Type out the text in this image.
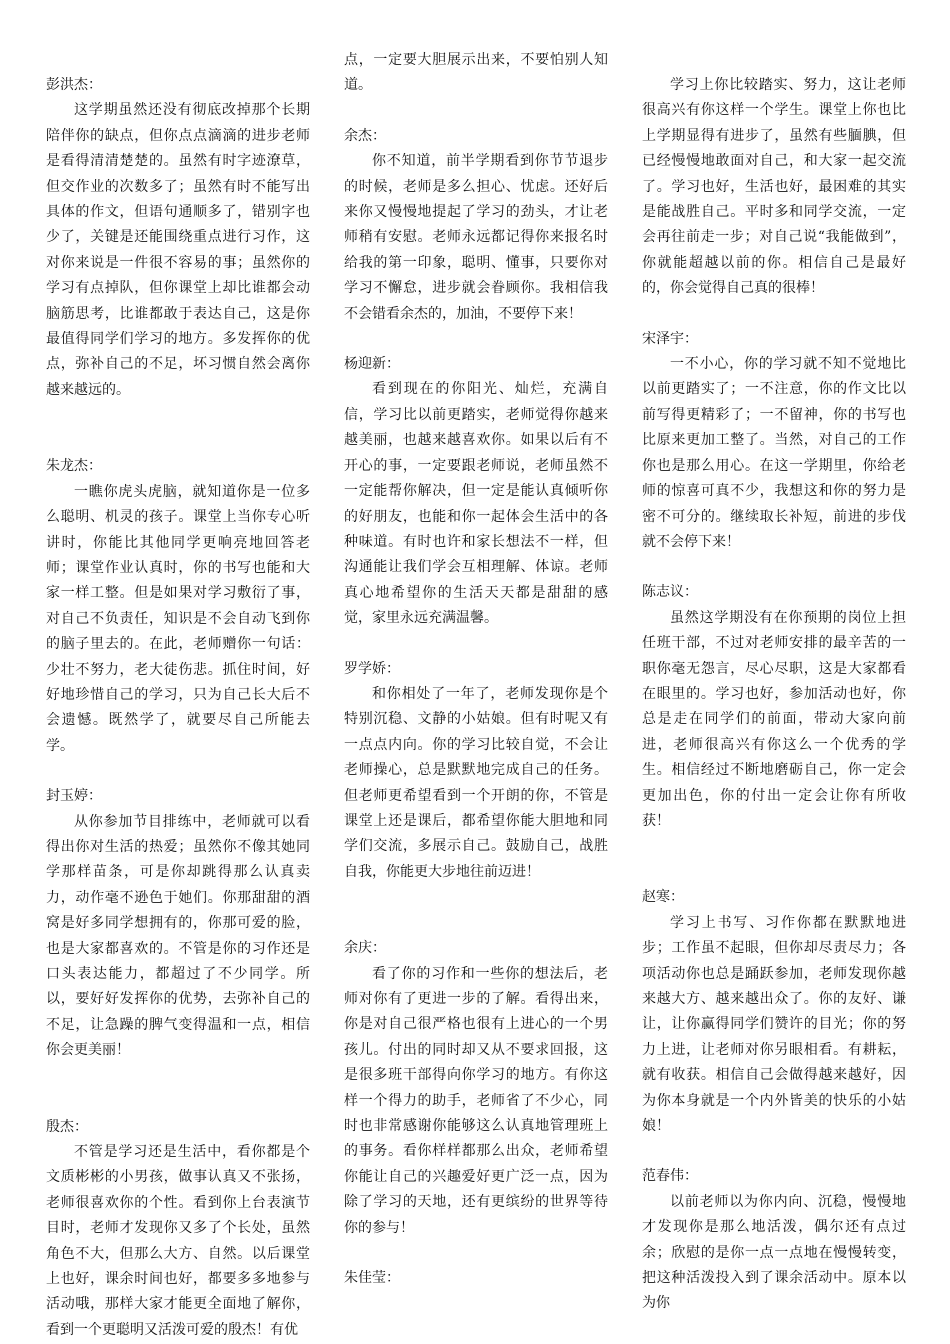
彭洪杰：

这学期虽然还没有彻底改掉那个长期陪伴你的缺点，但你点点滴滴的进步老师是看得清清楚楚的。虽然有时字迹潦草，但交作业的次数多了；虽然有时不能写出具体的作文，但语句通顺多了，错别字也少了，关键是还能围绕重点进行习作，这对你来说是一件很不容易的事；虽然你的学习有点掉队，但你课堂上却比谁都会动脑筋思考，比谁都敢于表达自己，这是你最值得同学们学习的地方。多发挥你的优点，弥补自己的不足，坏习惯自然会离你越来越远的。

朱龙杰：

一瞧你虎头虎脑，就知道你是一位多么聪明、机灵的孩子。课堂上当你专心听讲时，你能比其他同学更响亮地回答老师；课堂作业认真时，你的书写也能和大家一样工整。但是如果对学习敷衍了事，对自己不负责任，知识是不会自动飞到你的脑子里去的。在此，老师赠你一句话：少壮不努力，老大徒伤悲。抓住时间，好好地珍惜自己的学习，只为自己长大后不会遗憾。既然学了，就要尽自己所能去学。

封玉婷：

从你参加节目排练中，老师就可以看得出你对生活的热爱；虽然你不像其她同学那样苗条，可是你却跳得那么认真卖力，动作毫不逊色于她们。你那甜甜的酒窝是好多同学想拥有的，你那可爱的脸，也是大家都喜欢的。不管是你的习作还是口头表达能力，都超过了不少同学。所以，要好好发挥你的优势，去弥补自己的不足，让急躁的脾气变得温和一点，相信你会更美丽！

殷杰：

不管是学习还是生活中，看你都是个文质彬彬的小男孩，做事认真又不张扬，老师很喜欢你的个性。看到你上台表演节目时，老师才发现你又多了个长处，虽然角色不大，但那么大方、自然。以后课堂上也好，课余时间也好，都要多多地参与活动哦，那样大家才能更全面地了解你，看到一个更聪明又活泼可爱的殷杰！有优

点，一定要大胆展示出来，不要怕别人知道。

余杰：

你不知道，前半学期看到你节节退步的时候，老师是多么担心、忧虑。还好后来你又慢慢地提起了学习的劲头，才让老师稍有安慰。老师永远都记得你来报名时给我的第一印象，聪明、懂事，只要你对学习不懈怠，进步就会眷顾你。我相信我不会错看余杰的，加油，不要停下来！

杨迎新：

看到现在的你阳光、灿烂，充满自信，学习比以前更踏实，老师觉得你越来越美丽，也越来越喜欢你。如果以后有不开心的事，一定要跟老师说，老师虽然不一定能帮你解决，但一定是能认真倾听你的好朋友，也能和你一起体会生活中的各种味道。有时也许和家长想法不一样，但沟通能让我们学会互相理解、体谅。老师真心地希望你的生活天天都是甜甜的感觉，家里永远充满温馨。

罗学娇：

和你相处了一年了，老师发现你是个特别沉稳、文静的小姑娘。但有时呢又有一点点内向。你的学习比较自觉，不会让老师操心，总是默默地完成自己的任务。但老师更希望看到一个开朗的你，不管是课堂上还是课后，都希望你能大胆地和同学们交流，多展示自己。鼓励自己，战胜自我，你能更大步地往前迈进！

余庆：

看了你的习作和一些你的想法后，老师对你有了更进一步的了解。看得出来，你是对自己很严格也很有上进心的一个男孩儿。付出的同时却又从不要求回报，这是很多班干部得向你学习的地方。有你这样一个得力的助手，老师省了不少心，同时也非常感谢你能够这么认真地管理班上的事务。看你样样都那么出众，老师希望你能让自己的兴趣爱好更广泛一点，因为除了学习的天地，还有更缤纷的世界等待你的参与！

朱佳莹：

学习上你比较踏实、努力，这让老师很高兴有你这样一个学生。课堂上你也比上学期显得有进步了，虽然有些腼腆，但已经慢慢地敢面对自己，和大家一起交流了。学习也好，生活也好，最困难的其实是能战胜自己。平时多和同学交流，一定会再往前走一步；对自己说“我能做到”，你就能超越以前的你。相信自己是最好的，你会觉得自己真的很棒！

宋泽宇：

一不小心，你的学习就不知不觉地比以前更踏实了；一不注意，你的作文比以前写得更精彩了；一不留神，你的书写也比原来更加工整了。当然，对自己的工作你也是那么用心。在这一学期里，你给老师的惊喜可真不少，我想这和你的努力是密不可分的。继续取长补短，前进的步伐就不会停下来！

陈志议：

虽然这学期没有在你预期的岗位上担任班干部，不过对老师安排的最辛苦的一职你毫无怨言，尽心尽职，这是大家都看在眼里的。学习也好，参加活动也好，你总是走在同学们的前面，带动大家向前进，老师很高兴有你这么一个优秀的学生。相信经过不断地磨砺自己，你一定会更加出色，你的付出一定会让你有所收获！

赵寒：

学习上书写、习作你都在默默地进步；工作虽不起眼，但你却尽责尽力；各项活动你也总是踊跃参加，老师发现你越来越大方、越来越出众了。你的友好、谦让，让你赢得同学们赞许的目光；你的努力上进，让老师对你另眼相看。有耕耘，就有收获。相信自己会做得越来越好，因为你本身就是一个内外皆美的快乐的小姑娘！

范春伟：

以前老师以为你内向、沉稳，慢慢地才发现你是那么地活泼，偶尔还有点过余；欣慰的是你一点一点地在慢慢转变，把这种活泼投入到了课余活动中。原本以为你
